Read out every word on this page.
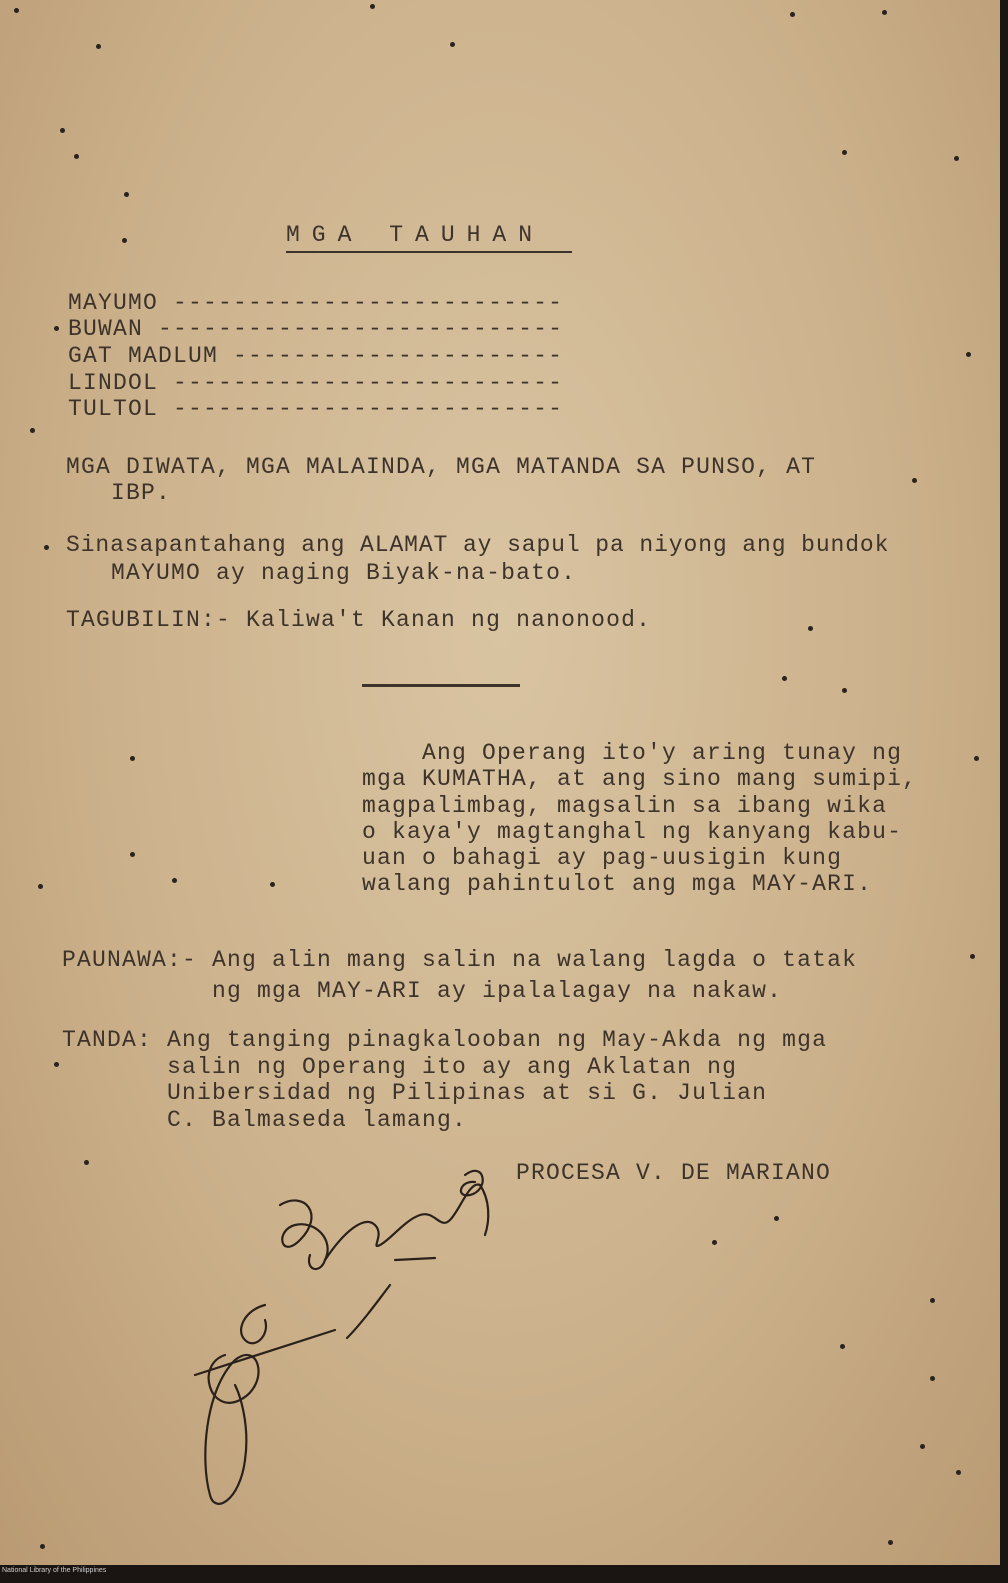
MGA TAUHAN
MAYUMO --------------------------
BUWAN ---------------------------
GAT MADLUM ----------------------
LINDOL --------------------------
TULTOL --------------------------
MGA DIWATA, MGA MALAINDA, MGA MATANDA SA PUNSO, AT
IBP.
Sinasapantahang ang ALAMAT ay sapul pa niyong ang bundok
MAYUMO ay naging Biyak-na-bato.
TAGUBILIN:- Kaliwa't Kanan ng nanonood.
Ang Operang ito'y aring tunay ng
mga KUMATHA, at ang sino mang sumipi,
magpalimbag, magsalin sa ibang wika
o kaya'y magtanghal ng kanyang kabu-
uan o bahagi ay pag-uusigin kung
walang pahintulot ang mga MAY-ARI.
PAUNAWA:- Ang alin mang salin na walang lagda o tatak
ng mga MAY-ARI ay ipalalagay na nakaw.
TANDA: Ang tanging pinagkalooban ng May-Akda ng mga
salin ng Operang ito ay ang Aklatan ng
Unibersidad ng Pilipinas at si G. Julian
C. Balmaseda lamang.
PROCESA V. DE MARIANO
National Library of the Philippines
